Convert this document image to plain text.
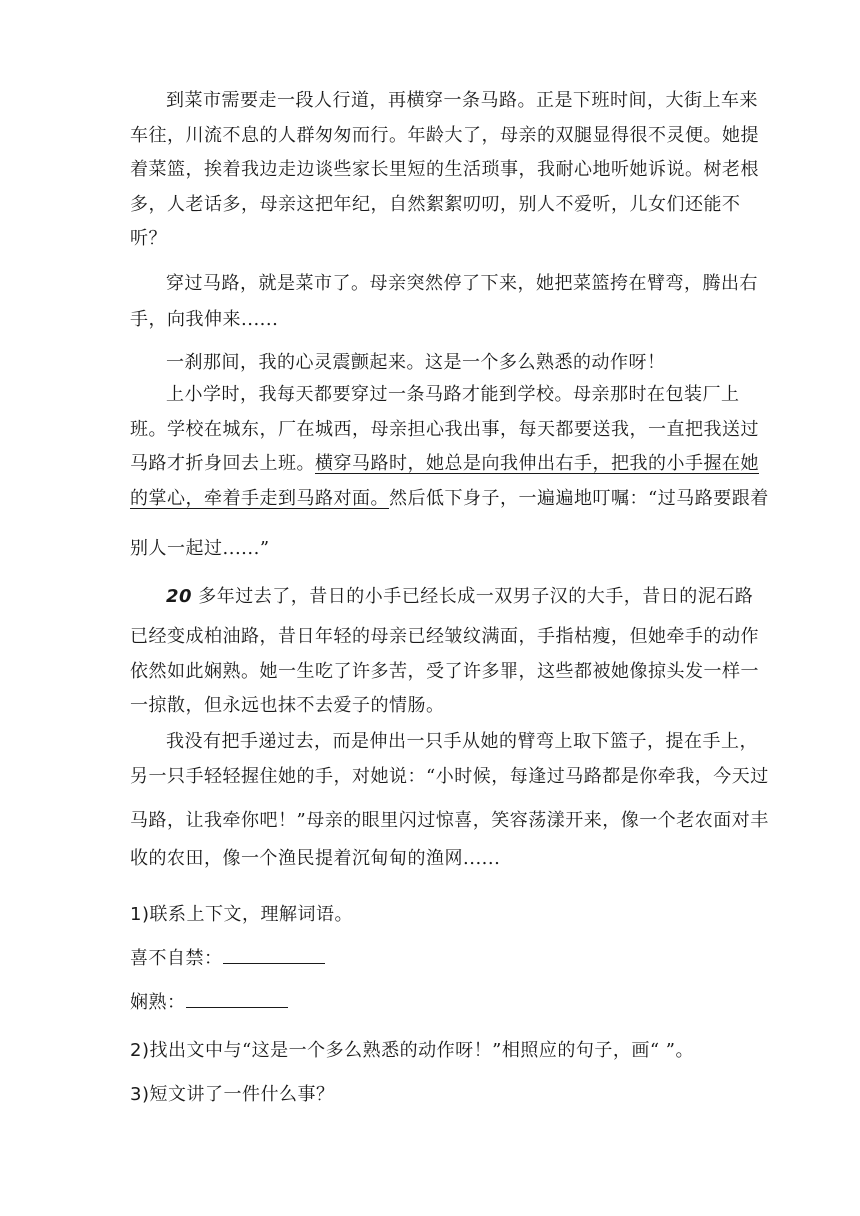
到菜市需要走一段人行道，再横穿一条马路。正是下班时间，大街上车来
车往，川流不息的人群匆匆而行。年龄大了，母亲的双腿显得很不灵便。她提
着菜篮，挨着我边走边谈些家长里短的生活琐事，我耐心地听她诉说。树老根
多，人老话多，母亲这把年纪，自然絮絮叨叨，别人不爱听，儿女们还能不
听？
穿过马路，就是菜市了。母亲突然停了下来，她把菜篮挎在臂弯，腾出右
手，向我伸来......
一刹那间，我的心灵震颤起来。这是一个多么熟悉的动作呀！
上小学时，我每天都要穿过一条马路才能到学校。母亲那时在包装厂上
班。学校在城东，厂在城西，母亲担心我出事，每天都要送我，一直把我送过
马路才折身回去上班。横穿马路时，她总是向我伸出右手，把我的小手握在她
的掌心，牵着手走到马路对面。然后低下身子，一遍遍地叮嘱：“过马路要跟着
别人一起过......”
20 多年过去了，昔日的小手已经长成一双男子汉的大手，昔日的泥石路
已经变成柏油路，昔日年轻的母亲已经皱纹满面，手指枯瘦，但她牵手的动作
依然如此娴熟。她一生吃了许多苦，受了许多罪，这些都被她像掠头发一样一
一掠散，但永远也抹不去爱子的情肠。
我没有把手递过去，而是伸出一只手从她的臂弯上取下篮子，提在手上，
另一只手轻轻握住她的手，对她说：“小时候，每逢过马路都是你牵我，今天过
马路，让我牵你吧！”母亲的眼里闪过惊喜，笑容荡漾开来，像一个老农面对丰
收的农田，像一个渔民提着沉甸甸的渔网......
1)联系上下文，理解词语。
喜不自禁：
娴熟：
2)找出文中与“这是一个多么熟悉的动作呀！”相照应的句子，画“ ”。
3)短文讲了一件什么事？
